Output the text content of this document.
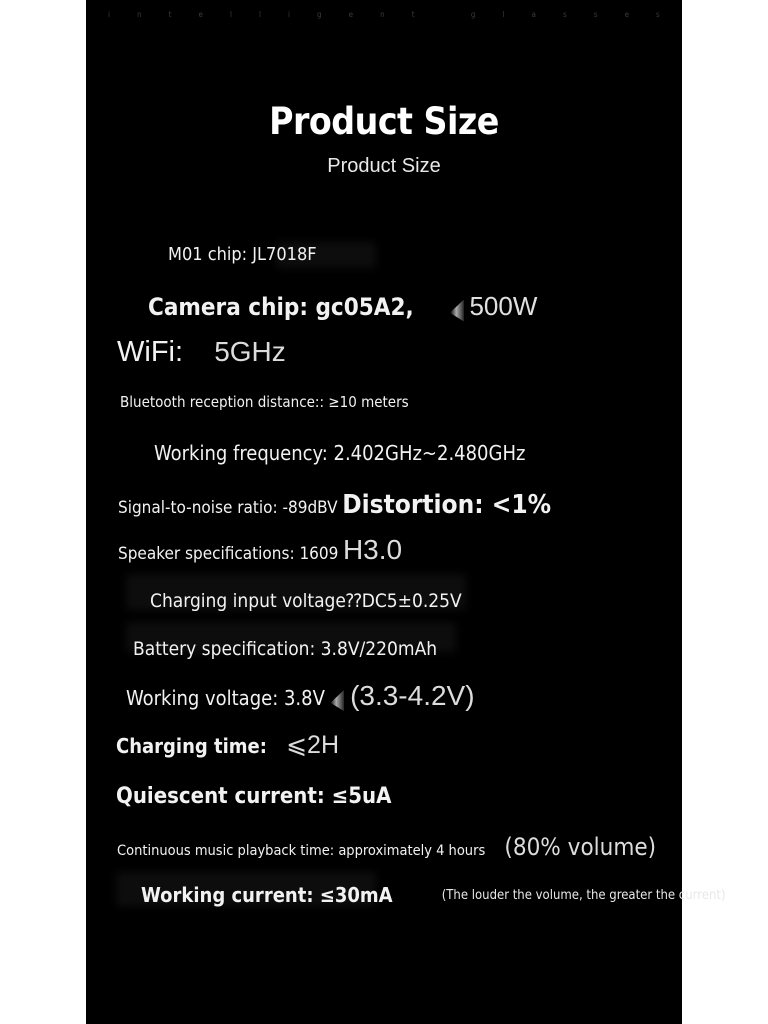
i	n	t	e	l	l	i	g	e	n	t
	g	l	a	s	s	e	s
Product Size
Product Size
M01 chip: JL7018F
Camera chip: gc05A2, 500W
WiFi: 5GHz
Bluetooth reception distance:: ≥10 meters
Working frequency: 2.402GHz~2.480GHz
Signal-to-noise ratio: -89dBV Distortion: <1%
Speaker specifications: 1609 H3.0
Charging input voltage⁇DC5±0.25V
Battery specification: 3.8V/220mAh
Working voltage: 3.8V (3.3-4.2V)
Charging time: ⩽2H
Quiescent current: ≤5uA
Continuous music playback time: approximately 4 hours (80% volume)
Working current: ≤30mA	(The louder the volume, the greater the current)
